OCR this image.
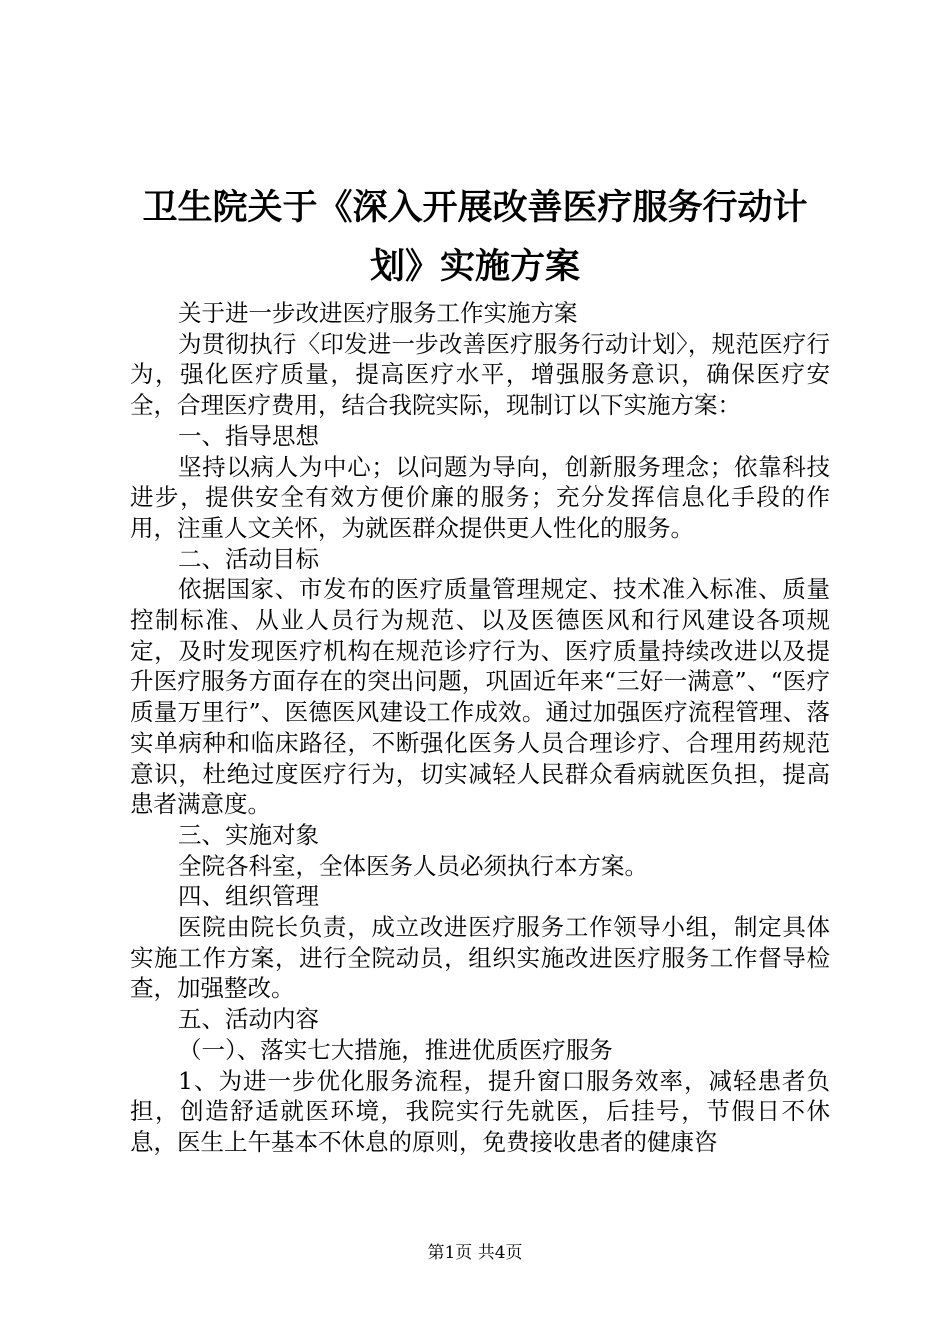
卫生院关于《深入开展改善医疗服务行动计
划》实施方案

关于进一步改进医疗服务工作实施方案

为贯彻执行〈印发进一步改善医疗服务行动计划〉，规范医疗行为，强化医疗质量，提高医疗水平，增强服务意识，确保医疗安全，合理医疗费用，结合我院实际，现制订以下实施方案：

一、指导思想

坚持以病人为中心；以问题为导向，创新服务理念；依靠科技进步，提供安全有效方便价廉的服务；充分发挥信息化手段的作用，注重人文关怀，为就医群众提供更人性化的服务。

二、活动目标

依据国家、市发布的医疗质量管理规定、技术准入标准、质量控制标准、从业人员行为规范、以及医德医风和行风建设各项规定，及时发现医疗机构在规范诊疗行为、医疗质量持续改进以及提升医疗服务方面存在的突出问题，巩固近年来“三好一满意”、“医疗质量万里行”、医德医风建设工作成效。通过加强医疗流程管理、落实单病种和临床路径，不断强化医务人员合理诊疗、合理用药规范意识，杜绝过度医疗行为，切实减轻人民群众看病就医负担，提高患者满意度。

三、实施对象

全院各科室，全体医务人员必须执行本方案。

四、组织管理

医院由院长负责，成立改进医疗服务工作领导小组，制定具体实施工作方案，进行全院动员，组织实施改进医疗服务工作督导检查，加强整改。

五、活动内容

（一）、落实七大措施，推进优质医疗服务

1、为进一步优化服务流程，提升窗口服务效率，减轻患者负担，创造舒适就医环境，我院实行先就医，后挂号，节假日不休息，医生上午基本不休息的原则，免费接收患者的健康咨

第1页 共4页
